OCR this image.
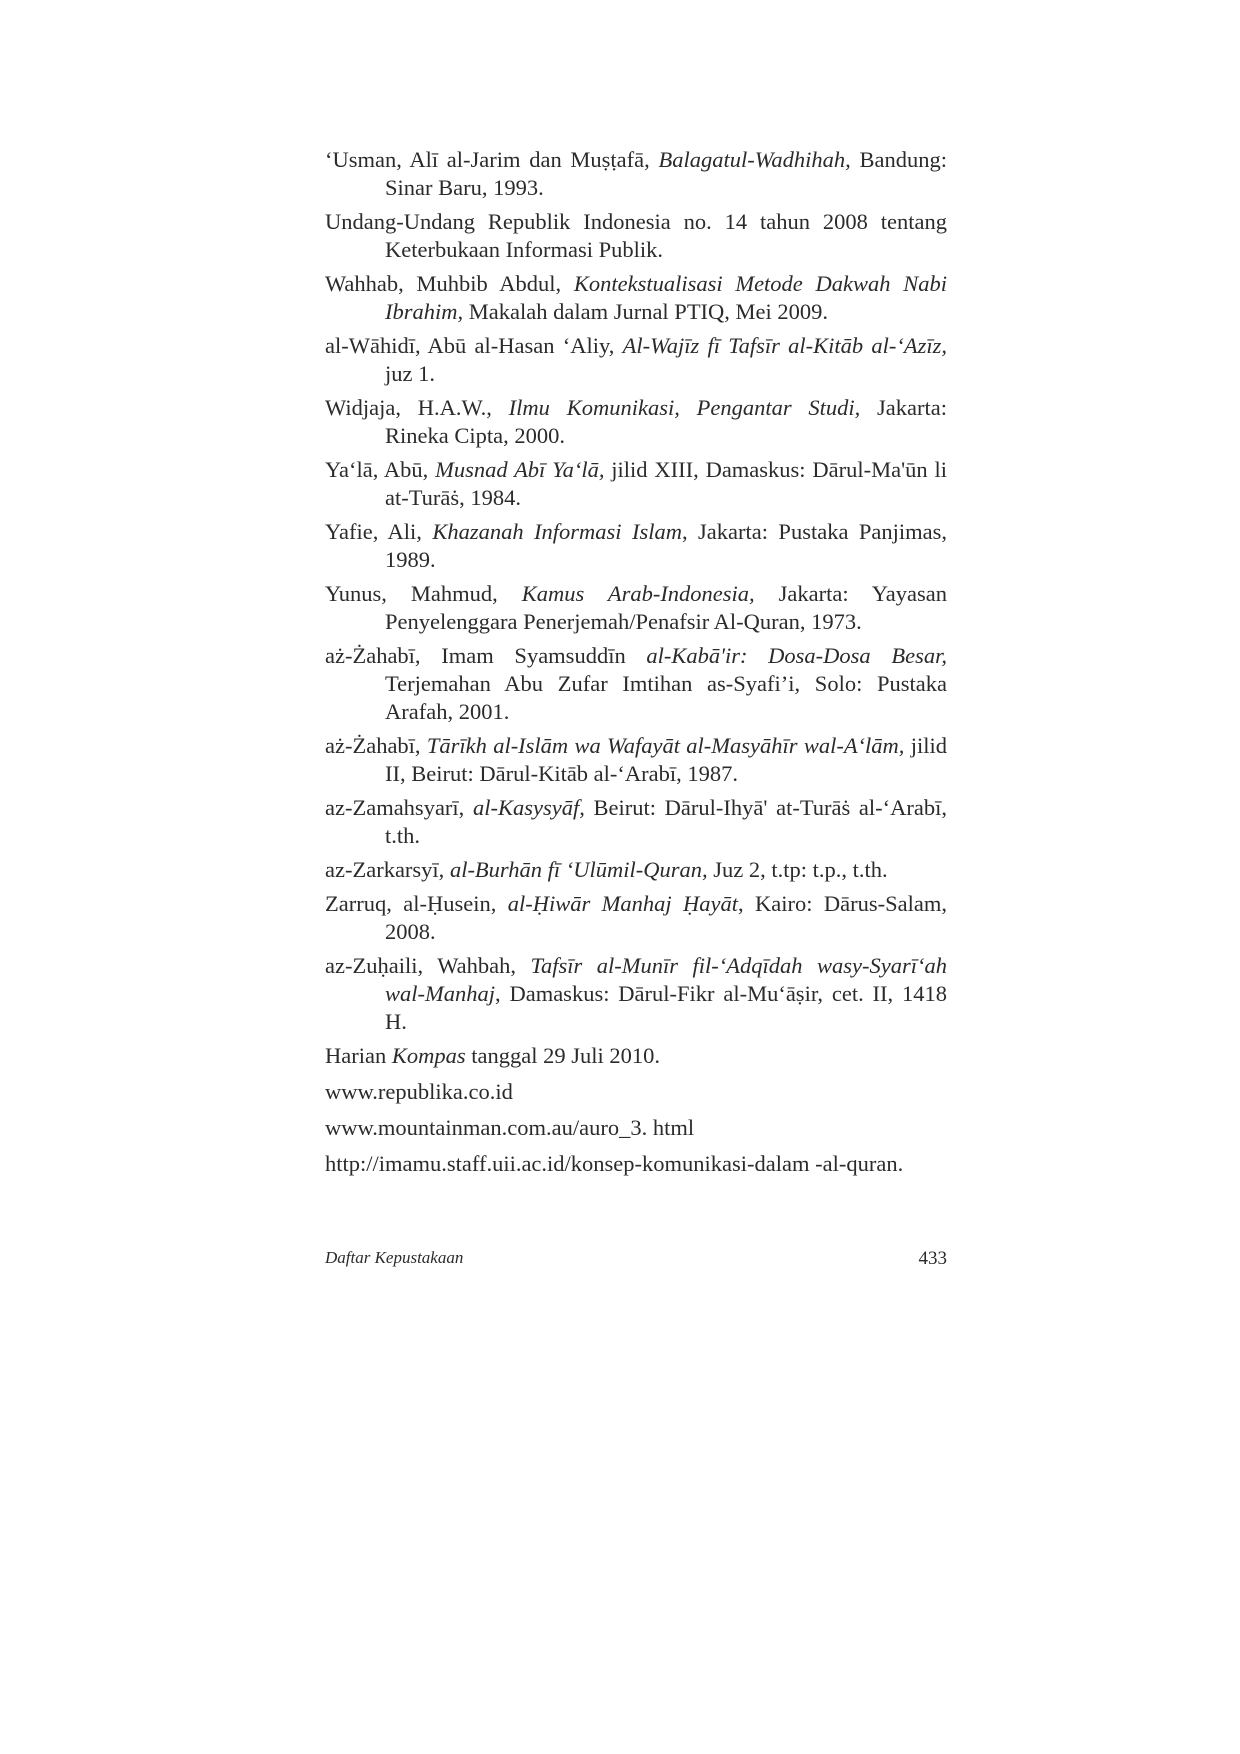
‘Usman, Alī al-Jarim dan Muṣṭafā, Balagatul-Wadhihah, Bandung: Sinar Baru, 1993.

Undang-Undang Republik Indonesia no. 14 tahun 2008 tentang Keterbukaan Informasi Publik.

Wahhab, Muhbib Abdul, Kontekstualisasi Metode Dakwah Nabi Ibrahim, Makalah dalam Jurnal PTIQ, Mei 2009.

al-Wāhidī, Abū al-Hasan ‘Aliy, Al-Wajīz fī Tafsīr al-Kitāb al-‘Azīz, juz 1.

Widjaja, H.A.W., Ilmu Komunikasi, Pengantar Studi, Jakarta: Rineka Cipta, 2000.

Ya‘lā, Abū, Musnad Abī Ya‘lā, jilid XIII, Damaskus: Dārul-Ma'ūn li at-Turāṡ, 1984.

Yafie, Ali, Khazanah Informasi Islam, Jakarta: Pustaka Panjimas, 1989.

Yunus, Mahmud, Kamus Arab-Indonesia, Jakarta: Yayasan Penyelenggara Penerjemah/Penafsir Al-Quran, 1973.

aż-Żahabī, Imam Syamsuddīn al-Kabā'ir: Dosa-Dosa Besar, Terjemahan Abu Zufar Imtihan as-Syafi’i, Solo: Pustaka Arafah, 2001.

aż-Żahabī, Tārīkh al-Islām wa Wafayāt al-Masyāhīr wal-A‘lām, jilid II, Beirut: Dārul-Kitāb al-‘Arabī, 1987.

az-Zamahsyarī, al-Kasysyāf, Beirut: Dārul-Ihyā' at-Turāṡ al-‘Arabī, t.th.

az-Zarkarsyī, al-Burhān fī ‘Ulūmil-Quran, Juz 2, t.tp: t.p., t.th.

Zarruq, al-Ḥusein, al-Ḥiwār Manhaj Ḥayāt, Kairo: Dārus-Salam, 2008.

az-Zuḥaili, Wahbah, Tafsīr al-Munīr fil-‘Adqīdah wasy-Syarī‘ah wal-Manhaj, Damaskus: Dārul-Fikr al-Mu‘āṣir, cet. II, 1418 H.

Harian Kompas tanggal 29 Juli 2010.

www.republika.co.id

www.mountainman.com.au/auro_3. html

http://imamu.staff.uii.ac.id/konsep-komunikasi-dalam -al-quran.

Daftar Kepustakaan	433
